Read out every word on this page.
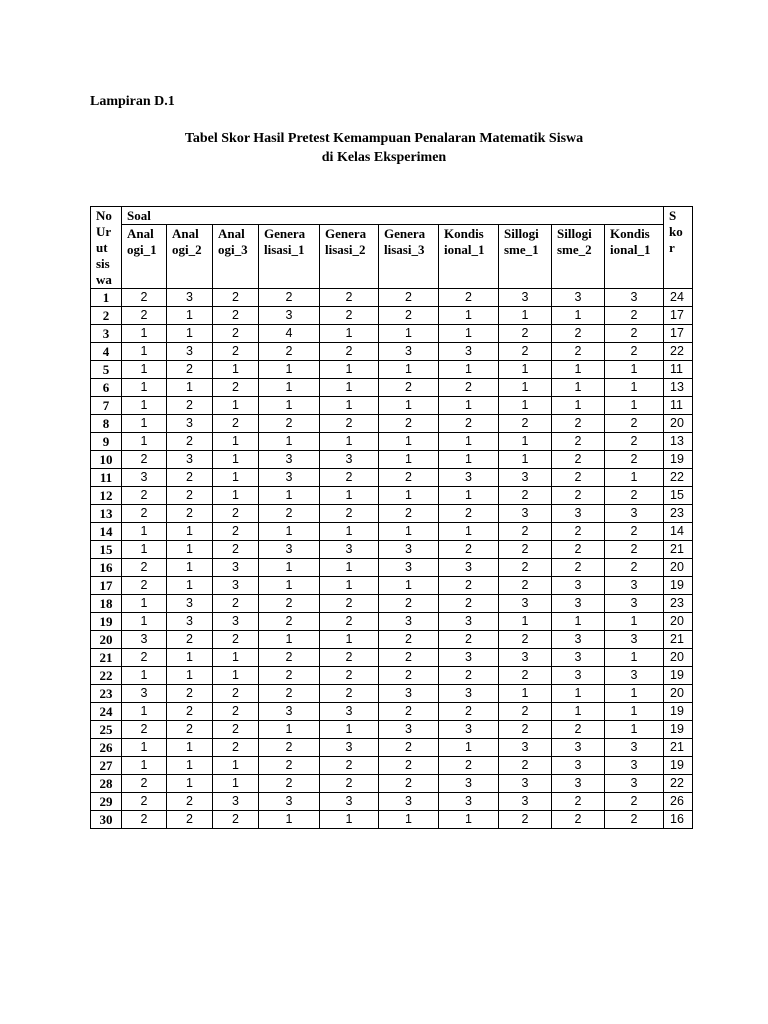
Lampiran D.1

Tabel Skor Hasil Pretest Kemampuan Penalaran Matematik Siswa
di Kelas Eksperimen
No Ur ut sis wa	Soal										S ko r
	Anal ogi_1	Anal ogi_2	Anal ogi_3	Genera lisasi_1	Genera lisasi_2	Genera lisasi_3	Kondis ional_1	Sillogi sme_1	Sillogi sme_2	Kondis ional_1	
1	2	3	2	2	2	2	2	3	3	3	24
2	2	1	2	3	2	2	1	1	1	2	17
3	1	1	2	4	1	1	1	2	2	2	17
4	1	3	2	2	2	3	3	2	2	2	22
5	1	2	1	1	1	1	1	1	1	1	11
6	1	1	2	1	1	2	2	1	1	1	13
7	1	2	1	1	1	1	1	1	1	1	11
8	1	3	2	2	2	2	2	2	2	2	20
9	1	2	1	1	1	1	1	1	2	2	13
10	2	3	1	3	3	1	1	1	2	2	19
11	3	2	1	3	2	2	3	3	2	1	22
12	2	2	1	1	1	1	1	2	2	2	15
13	2	2	2	2	2	2	2	3	3	3	23
14	1	1	2	1	1	1	1	2	2	2	14
15	1	1	2	3	3	3	2	2	2	2	21
16	2	1	3	1	1	3	3	2	2	2	20
17	2	1	3	1	1	1	2	2	3	3	19
18	1	3	2	2	2	2	2	3	3	3	23
19	1	3	3	2	2	3	3	1	1	1	20
20	3	2	2	1	1	2	2	2	3	3	21
21	2	1	1	2	2	2	3	3	3	1	20
22	1	1	1	2	2	2	2	2	3	3	19
23	3	2	2	2	2	3	3	1	1	1	20
24	1	2	2	3	3	2	2	2	1	1	19
25	2	2	2	1	1	3	3	2	2	1	19
26	1	1	2	2	3	2	1	3	3	3	21
27	1	1	1	2	2	2	2	2	3	3	19
28	2	1	1	2	2	2	3	3	3	3	22
29	2	2	3	3	3	3	3	3	2	2	26
30	2	2	2	1	1	1	1	2	2	2	16
